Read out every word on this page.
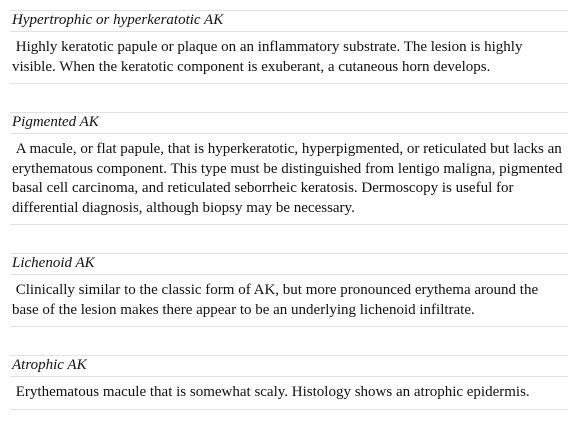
Hypertrophic or hyperkeratotic AK

Highly keratotic papule or plaque on an inflammatory substrate. The lesion is highly visible. When the keratotic component is exuberant, a cutaneous horn develops.

Pigmented AK

A macule, or flat papule, that is hyperkeratotic, hyperpigmented, or reticulated but lacks an erythematous component. This type must be distinguished from lentigo maligna, pigmented basal cell carcinoma, and reticulated seborrheic keratosis. Dermoscopy is useful for differential diagnosis, although biopsy may be necessary.

Lichenoid AK

Clinically similar to the classic form of AK, but more pronounced erythema around the base of the lesion makes there appear to be an underlying lichenoid infiltrate.

Atrophic AK

Erythematous macule that is somewhat scaly. Histology shows an atrophic epidermis.
